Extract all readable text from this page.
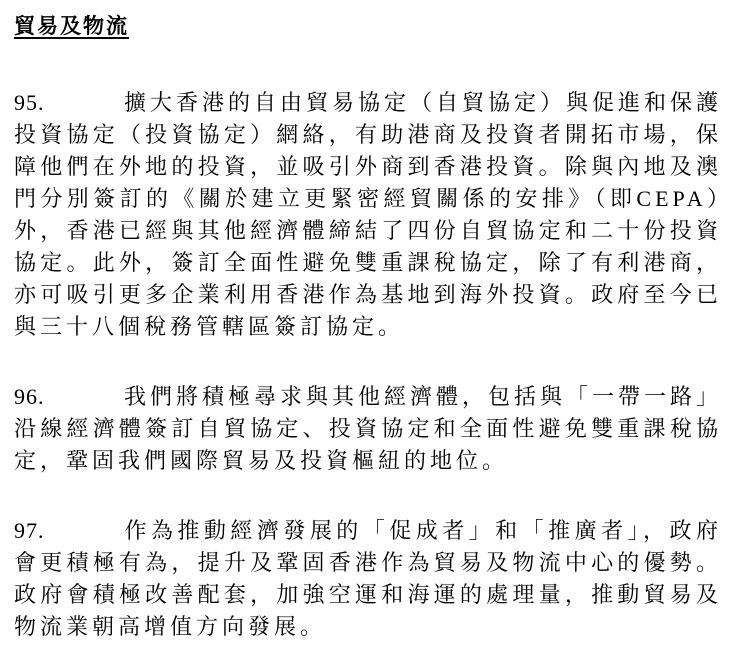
貿易及物流
95.	擴大香港的自由貿易協定（自貿協定）與促進和保護投資協定（投資協定）網絡，有助港商及投資者開拓市場，保障他們在外地的投資，並吸引外商到香港投資。除與內地及澳門分別簽訂的《關於建立更緊密經貿關係的安排》（即CEPA）外，香港已經與其他經濟體締結了四份自貿協定和二十份投資協定。此外，簽訂全面性避免雙重課稅協定，除了有利港商，亦可吸引更多企業利用香港作為基地到海外投資。政府至今已與三十八個稅務管轄區簽訂協定。
96.	我們將積極尋求與其他經濟體，包括與「一帶一路」沿線經濟體簽訂自貿協定、投資協定和全面性避免雙重課稅協定，鞏固我們國際貿易及投資樞紐的地位。
97.	作為推動經濟發展的「促成者」和「推廣者」，政府會更積極有為，提升及鞏固香港作為貿易及物流中心的優勢。政府會積極改善配套，加強空運和海運的處理量，推動貿易及物流業朝高增值方向發展。
